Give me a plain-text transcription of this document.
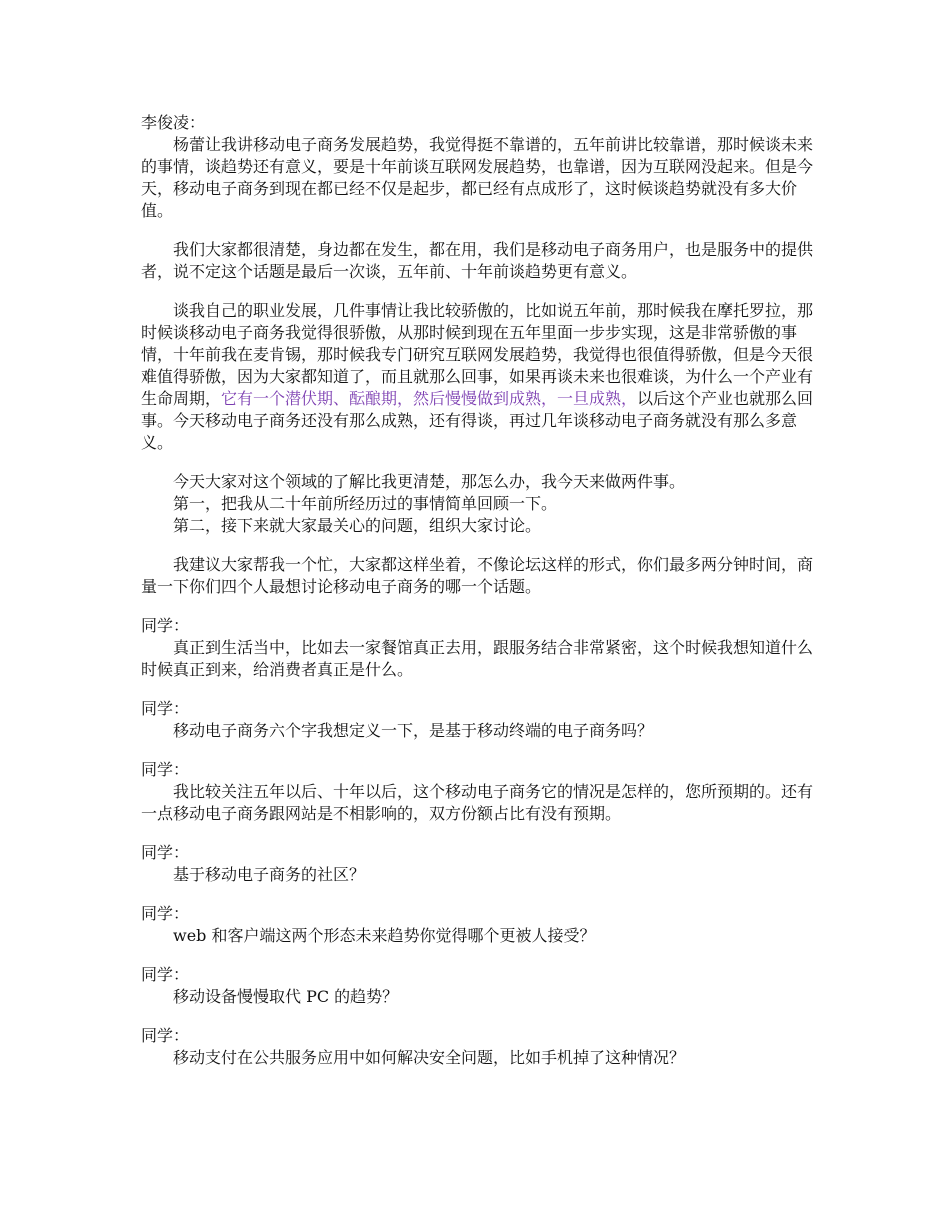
李俊凌：

杨蕾让我讲移动电子商务发展趋势，我觉得挺不靠谱的，五年前讲比较靠谱，那时候谈未来的事情，谈趋势还有意义，要是十年前谈互联网发展趋势，也靠谱，因为互联网没起来。但是今天，移动电子商务到现在都已经不仅是起步，都已经有点成形了，这时候谈趋势就没有多大价值。

我们大家都很清楚，身边都在发生，都在用，我们是移动电子商务用户，也是服务中的提供者，说不定这个话题是最后一次谈，五年前、十年前谈趋势更有意义。

谈我自己的职业发展，几件事情让我比较骄傲的，比如说五年前，那时候我在摩托罗拉，那时候谈移动电子商务我觉得很骄傲，从那时候到现在五年里面一步步实现，这是非常骄傲的事情，十年前我在麦肯锡，那时候我专门研究互联网发展趋势，我觉得也很值得骄傲，但是今天很难值得骄傲，因为大家都知道了，而且就那么回事，如果再谈未来也很难谈，为什么一个产业有生命周期，它有一个潜伏期、酝酿期，然后慢慢做到成熟，一旦成熟，以后这个产业也就那么回事。今天移动电子商务还没有那么成熟，还有得谈，再过几年谈移动电子商务就没有那么多意义。

今天大家对这个领域的了解比我更清楚，那怎么办，我今天来做两件事。

第一，把我从二十年前所经历过的事情简单回顾一下。

第二，接下来就大家最关心的问题，组织大家讨论。

我建议大家帮我一个忙，大家都这样坐着，不像论坛这样的形式，你们最多两分钟时间，商量一下你们四个人最想讨论移动电子商务的哪一个话题。

同学：

真正到生活当中，比如去一家餐馆真正去用，跟服务结合非常紧密，这个时候我想知道什么时候真正到来，给消费者真正是什么。

同学：

移动电子商务六个字我想定义一下，是基于移动终端的电子商务吗？

同学：

我比较关注五年以后、十年以后，这个移动电子商务它的情况是怎样的，您所预期的。还有一点移动电子商务跟网站是不相影响的，双方份额占比有没有预期。

同学：

基于移动电子商务的社区？

同学：

web 和客户端这两个形态未来趋势你觉得哪个更被人接受？

同学：

移动设备慢慢取代 PC 的趋势？

同学：

移动支付在公共服务应用中如何解决安全问题，比如手机掉了这种情况？
